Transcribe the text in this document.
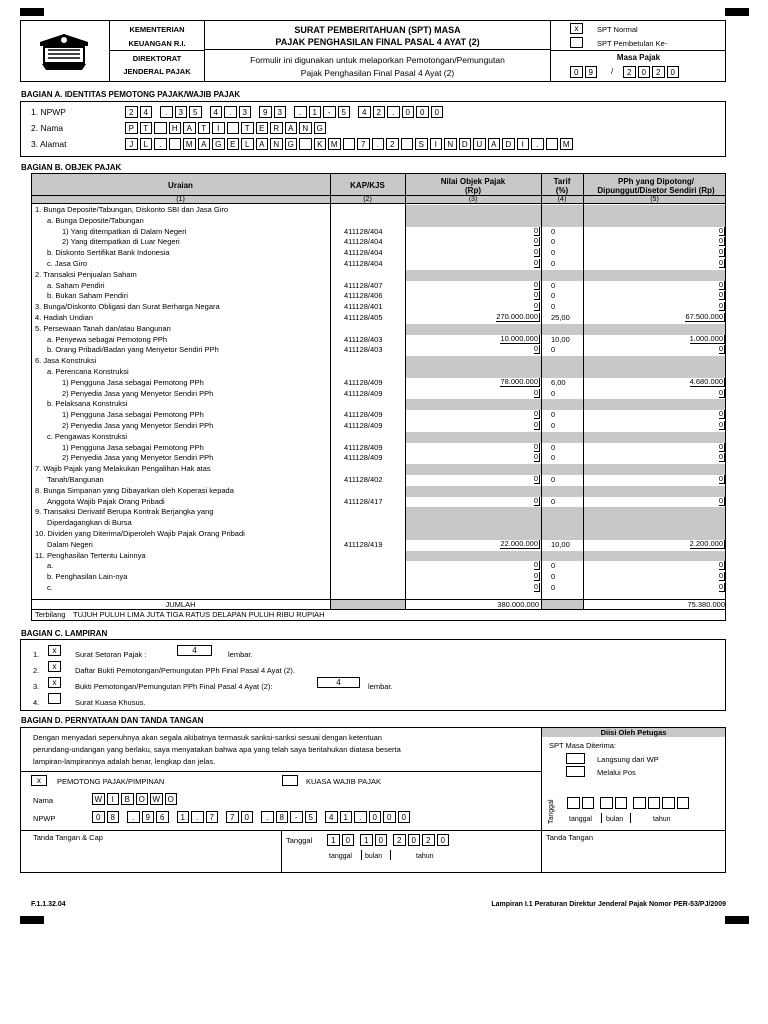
KEMENTERIAN
KEUANGAN R.I.
DIREKTORAT
JENDERAL PAJAK
SURAT PEMBERITAHUAN (SPT) MASA
PAJAK PENGHASILAN FINAL PASAL 4 AYAT (2)
Formulir ini digunakan untuk melaporkan Pemotongan/Pemungutan
Pajak Penghasilan Final Pasal 4 Ayat (2)
x	SPT Normal
SPT Pembetulan Ke-
Masa Pajak
0	9	/	2	0	2	0
BAGIAN A. IDENTITAS PEMOTONG PAJAK/WAJIB PAJAK
1. NPWP
2. Nama
3. Alamat
2	4	.	3	5	4	.	3	9	3	.	1	-	5	4	2	.	0	0	0
P	T	H	A	T	I	T	E	R	A	N	G
J	L	.	M	A	G	E	L	A	N	G	K	M	7	.	2	S	I	N	D	U	A	D	I	.	M
BAGIAN B. OBJEK PAJAK
Uraian	KAP/KJS	Nilai Objek Pajak (Rp)
Tarif (%)
PPh yang Dipotong/ Dipunggut/Disetor Sendiri (Rp)
(1)	(2)	(3)	(4)	(5)
1. Bunga Deposite/Tabungan, Diskonto SBI dan Jasa Giro
a. Bunga Deposite/Tabungan
1) Yang ditempatkan di Dalam Negeri	411128/404	0 0	0
2) Yang ditempatkan di Luar Negeri	411128/404	0 0	0
b. Diskonto Sertifikat Bank Indonesia	411128/404	0 0	0
c. Jasa Giro	411128/404	0 0	0
2. Transaksi Penjualan Saham
a. Saham Pendiri	411128/407	0 0	0
b. Bukan Saham Pendiri	411128/406	0 0	0
3. Bunga/Diskonto Obligasi dan Surat Berharga Negara	411128/401	0 0	0
4. Hadiah Undian	411128/405	270.000.000 25,00	67.500.000
5. Persewaan Tanah dan/atau Bangunan
a. Penyewa sebagai Pemotong PPh	411128/403	10.000.000 10,00	1.000.000
b. Orang Pribadi/Badan yang Menyetor Sendiri PPh	411128/403	0 0	0
6. Jasa Konstruksi
a. Perencana Konstruksi
1) Pengguna Jasa sebagai Pemotong PPh	411128/409	78.000.000 6,00	4.680.000
2) Penyedia Jasa yang Menyetor Sendiri PPh	411128/409	0 0	0
b. Pelaksana Konstruksi
1) Pengguna Jasa sebagai Pemotong PPh	411128/409	0 0	0
2) Penyedia Jasa yang Menyetor Sendiri PPh	411128/409	0 0	0
c. Pengawas Konstruksi
1) Pengguna Jasa sebagai Pemotong PPh	411128/409	0 0	0
2) Penyedia Jasa yang Menyetor Sendiri PPh	411128/409	0 0	0
7. Wajib Pajak yang Melakukan Pengalihan Hak atas
Tanah/Bangunan	411128/402	0 0	0
8. Bunga Simpanan yang Dibayarkan oleh Koperasi kepada
Anggota Wajib Pajak Orang Pribadi	411128/417	0 0	0
9. Transaksi Derivatif Berupa Kontrak Berjangka yang
Diperdagangkan di Bursa
10. Dividen yang Diterima/Diperoleh Wajib Pajak Orang Pribadi
Dalam Negeri	411128/419	22.000.000 10,00	2.200.000
11. Penghasilan Tertentu Lainnya
a.	0 0	0
b. Penghasilan Lain-nya	0 0	0
c.	0 0	0
JUMLAH	380.000.000	75.380.000
Terbilang TUJUH PULUH LIMA JUTA TIGA RATUS DELAPAN PULUH RIBU RUPIAH
BAGIAN C. LAMPIRAN
1.	x	Surat Setoran Pajak :	4	lembar.
2.	x	Daftar Bukti Pemotongan/Pemungutan PPh Final Pasal 4 Ayat (2).
3.	x	Bukti Pemotongan/Pemungutan PPh Final Pasal 4 Ayat (2):	4	lembar.
4.	Surat Kuasa Khusus.
BAGIAN D. PERNYATAAN DAN TANDA TANGAN
Dengan menyadari sepenuhnya akan segala akibatnya termasuk sanksi-sanksi sesuai dengan ketentuan
perundang-undangan yang berlaku, saya menyatakan bahwa apa yang telah saya beritahukan diatasa beserta
lampiran-lampirannya adalah benar, lengkap dan jelas.
x	PEMOTONG PAJAK/PIMPINAN	KUASA WAJIB PAJAK
Nama
NPWP
W	I	B	O W O
0	8	.	9	6	1	.	7	7	0	.	8	-	5	4	1	.	0	0	0
Tanda Tangan & Cap	Tanggal	1	0	1	0	2	0	2	0
tanggal bulan	tahun
Diisi Oleh Petugas
SPT Masa Diterima:
Langsung dari WP
Melalui Pos
Tanggal tanggal bulan	tahun
Tanda Tangan
F.1.1.32.04	Lampiran I.1 Peraturan Direktur Jenderal Pajak Nomor PER-53/PJ/2009
